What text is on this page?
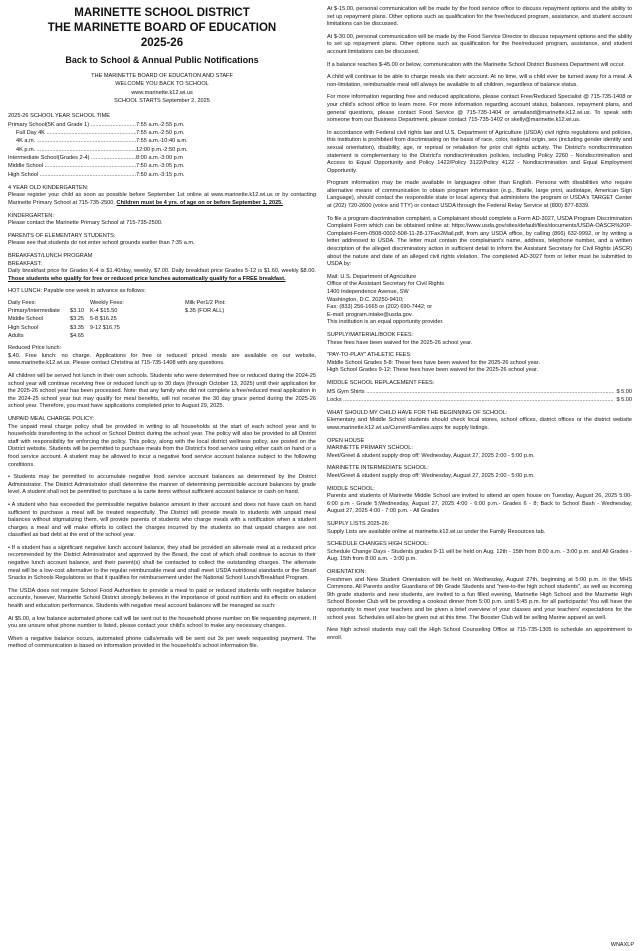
MARINETTE SCHOOL DISTRICT
THE MARINETTE BOARD OF EDUCATION
2025-26
Back to School & Annual Public Notifications
THE MARINETTE BOARD OF EDUCATION AND STAFF
WELCOME YOU BACK TO SCHOOL
www.marinette.k12.wi.us
SCHOOL STARTS September 2, 2025
2025-26 SCHOOL YEAR SCHOOL TIME
Primary School(5K and Grade 1) .....	7:55 a.m.-2:55 p.m.
Full Day 4K .....	7:55 a.m.-2:50 p.m.
4K a.m. .....	7:55 a.m.-10:40 a.m.
4K p.m. .....	12:00 p.m.-2:50 p.m.
Intermediate School(Grades 2-4) .....	8:00 a.m.-3:00 p.m
Middle School .....	7:50 a.m.-3:05 p.m.
High School .....	7:50 a.m.-3:15 p.m.
4 YEAR OLD KINDERGARTEN:
Please register your child as soon as possible before September 1st online at www.marinette.k12.wi.us or by contacting Marinette Primary School at 715-735-2500. Children must be 4 yrs. of age on or before September 1, 2025.
KINDERGARTEN:
Please contact the Marinette Primary School at 715-735-2500.
PARENTS OF ELEMENTARY STUDENTS:
Please see that students do not enter school grounds earlier than 7:35 a.m.
BREAKFAST/LUNCH PROGRAM
BREAKFAST:
Daily breakfast price for Grades K-4 is $1.40/day, weekly, $7.00. Daily breakfast price Grades 5-12 is $1.60, weekly $8.00. Those students who qualify for free or reduced price lunches automatically qualify for a FREE breakfast.
HOT LUNCH: Payable one week in advance as follows:
Daily Fees:	Weekly Fees:	Milk Per1/2 Pint:
Primary/Intermediate	$3.10	K-4 $15.50	$.35 (FOR ALL)
Middle School	$3.25	5-8 $16.25
High School	$3.35	9-12 $16.75
Adults	$4.65
Reduced Price lunch:
$.40. Free lunch: no charge. Applications for free or reduced priced meals are available on our website, www.marinette.k12.wi.us. Please contact Christina at 715-735-1408 with any questions.
All children will be served hot lunch in their own schools. Students who were determined free or reduced during the 2024-25 school year will continue receiving free or reduced lunch up to 30 days (through October 13, 2025) until their application for the 2025-26 school year has been processed. Note: that any family who did not complete a free/reduced meal application in the 2024-25 school year but may qualify for meal benefits, will not receive the 30 day grace period during the 2025-26 school year. Therefore, you must have applications completed prior to August 29, 2025.
UNPAID MEAL CHARGE POLICY:
The unpaid meal charge policy shall be provided in writing to all households at the start of each school year and to households transferring to the school or School District during the school year. The policy will also be provided to all District staff with responsibility for enforcing the policy. This policy, along with the local district wellness policy, are posted on the District website. Students will be permitted to purchase meals from the District's food service using either cash on hand or a food service account. A student may be allowed to incur a negative food service account balance subject to the following conditions.
• Students may be permitted to accumulate negative food service account balances as determined by the District Administrator. The District Administrator shall determine the manner of determining permissible account balances by grade level. A student shall not be permitted to purchase a la carte items without sufficient account balance or cash on hand.
• A student who has exceeded the permissible negative balance amount in their account and does not have cash on hand sufficient to purchase a meal will be treated respectfully. The District will provide meals to students with unpaid meal balances without stigmatizing them, will provide parents of students who charge meals with a notification when a student charges a meal and will make efforts to collect the charges incurred by the students so that unpaid charges are not classified as bad debt at the end of the school year.
• If a student has a significant negative lunch account balance, they shall be provided an alternate meal at a reduced price recommended by the District Administrator and approved by the Board, the cost of which shall continue to accrue to their negative lunch account balance, and their parent(s) shall be contacted to collect the outstanding charges. The alternate meal will be a low-cost alternative to the regular reimbursable meal and shall meet USDA nutritional standards or the Smart Snacks in Schools Regulations so that it qualifies for reimbursement under the National School Lunch/Breakfast Program.
The USDA does not require School Food Authorities to provide a meal to paid or reduced students with negative balance accounts, however, Marinette School District strongly believes in the importance of good nutrition and its effects on student health and education performance. Students with negative meal account balances will be managed as such:
At $5.00, a low balance automated phone call will be sent out to the household phone number on file requesting payment. If you are unsure what phone number is listed, please contact your child's school to make any necessary changes.
When a negative balance occurs, automated phone calls/emails will be sent out 3x per week requesting payment. The method of communication is based on information provided in the household's school information file.
At $-15.00, personal communication will be made by the food service office to discuss repayment options and the ability to set up repayment plans. Other options such as qualification for the free/reduced program, assistance, and student account limitations can be discussed.
At $-30.00, personal communication will be made by the Food Service Director to discuss repayment options and the ability to set up repayment plans. Other options such as qualification for the free/reduced program, assistance, and student account limitations can be discussed.
If a balance reaches $-45.00 or below, communication with the Marinette School District Business Department will occur.
A child will continue to be able to charge meals via their account. At no time, will a child ever be turned away for a meal. A non-limitation, reimbursable meal will always be available to all children, regardless of balance status.
For more information regarding free and reduced applications, please contact Free/Reduced Specialist @ 715-735-1408 or your child's school office to learn more. For more information regarding account status, balances, repayment plans, and general questions, please contact Food Service @ 715-735-1404 or amailand@marinette.k12.wi.us. To speak with someone from our Business Department, please contact 715-735-1402 or skelly@marinette.k12.wi.us.
In accordance with Federal civil rights law and U.S. Department of Agriculture (USDA) civil rights regulations and policies, this institution is prohibited from discriminating on the basis of race, color, national origin, sex (including gender identity and sexual orientation), disability, age, or reprisal or retaliation for prior civil rights activity. The District's nondiscrimination statement is complementary to the District's nondiscrimination policies, including Policy 2260 - Nondiscrimination and Access to Equal Opportunity and Policy 1422/Policy 3122/Policy 4122 - Nondiscrimination and Equal Employment Opportunity.
Program information may be made available in languages other than English. Persons with disabilities who require alternative means of communication to obtain program information (e.g., Braille, large print, audiotape, American Sign Language), should contact the responsible state or local agency that administers the program or USDA's TARGET Center at (202) 720-2600 (voice and TTY) or contact USDA through the Federal Relay Service at (800) 877-8339.
To file a program discrimination complaint, a Complainant should complete a Form AD-3027, USDA Program Discrimination Complaint Form which can be obtained online at: https://www.usda.gov/sites/default/files/documents/USDA-OASCR%20P-Complaint-Form-0508-0002-508-11-28-17Fax2Mail.pdf, from any USDA office, by calling (866) 632-9992, or by writing a letter addressed to USDA. The letter must contain the complainant's name, address, telephone number, and a written description of the alleged discriminatory action in sufficient detail to inform the Assistant Secretary for Civil Rights (ASCR) about the nature and date of an alleged civil rights violation. The completed AD-3027 form or letter must be submitted to USDA by:
Mail: U.S. Department of Agriculture
Office of the Assistant Secretary for Civil Rights
1400 Independence Avenue, SW
Washington, D.C. 20250-9410;
Fax: (833) 256-1665 or (202) 690-7442; or
E-mail: program.intake@usda.gov.
This institution is an equal opportunity provider.
SUPPLY/MATERIAL/BOOK FEES:
These fees have been waived for the 2025-26 school year.
"PAY-TO-PLAY" ATHLETIC FEES:
Middle School Grades 5-8: These fees have been waived for the 2025-26 school year.
High School Grades 9-12: These fees have been waived for the 2025-26 school year.
MIDDLE SCHOOL REPLACEMENT FEES:
MS Gym Shirts .....	$ 5.00
Locks .....	$ 5.00
WHAT SHOULD MY CHILD HAVE FOR THE BEGINNING OF SCHOOL:
Elementary and Middle School students should check local stores, school offices, district offices or the district website www.marinette.k12.wi.us/CurrentFamilies.aspx for supply listings.
OPEN HOUSE
MARINETTE PRIMARY SCHOOL:
Meet/Greet & student supply drop off: Wednesday, August 27, 2025 2:00 - 5:00 p.m.
MARINETTE INTERMEDIATE SCHOOL:
Meet/Greet & student supply drop off: Wednesday, August 27, 2025 2:00 - 5:00 p.m.
MIDDLE SCHOOL:
Parents and students of Marinette Middle School are invited to attend an open house on Tuesday, August 26, 2025 5:00-6:00 p.m - Grade 5;Wednesday, August 27, 2025 4:00 - 6:00 p.m.- Grades 6 - 8; Back to School Bash - Wednesday, August 27, 2025 4:00 - 7:00 p.m. - All Grades
SUPPLY LISTS 2025-26:
Supply Lists are available online at marinette.k12.wi.us under the Family Resources tab.
SCHEDULE CHANGES HIGH SCHOOL:
Schedule Change Days - Students grades 9-11 will be held on Aug. 12th - 15th from 8:00 a.m. - 3:00 p.m. and All Grades - Aug. 15th from 8:00 a.m. - 3:00 p.m.
ORIENTATION:
Freshmen and New Student Orientation will be held on Wednesday, August 27th, beginning at 5:00 p.m. in the MHS Commons. All Parents and/or Guardians of 9th Grade Students and "new-to-the high school students", as well as incoming 9th grade students and new students, are invited to a fun filled evening, Marinette High School and the Marinette High School Booster Club will be providing a cookout dinner from 5:00 p.m. until 5:45 p.m. for all participants! You will have the opportunity to meet your teachers and be given a brief overview of your classes and your teachers' expectations for the school year. Schedules will also be given out at this time. The Booster Club will be selling Marine apparel as well.
New high school students may call the High School Counseling Office at 715-735-1305 to schedule an appointment to enroll.
WNAXLP
